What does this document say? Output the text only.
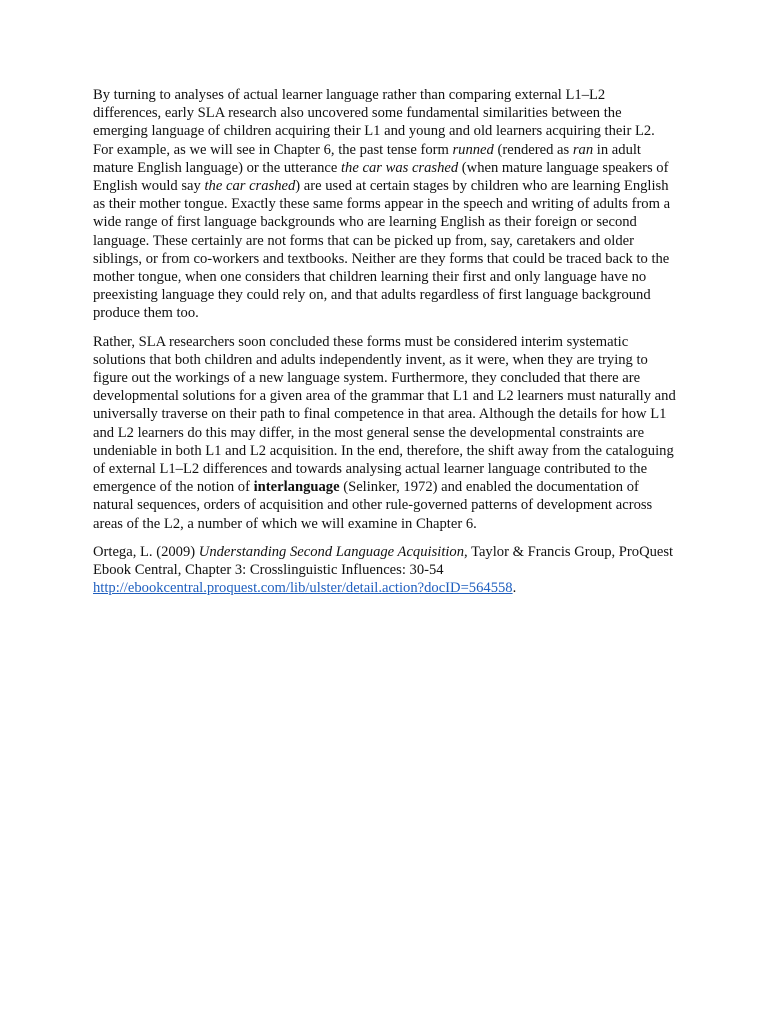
By turning to analyses of actual learner language rather than comparing external L1–L2 differences, early SLA research also uncovered some fundamental similarities between the emerging language of children acquiring their L1 and young and old learners acquiring their L2. For example, as we will see in Chapter 6, the past tense form runned (rendered as ran in adult mature English language) or the utterance the car was crashed (when mature language speakers of English would say the car crashed) are used at certain stages by children who are learning English as their mother tongue. Exactly these same forms appear in the speech and writing of adults from a wide range of first language backgrounds who are learning English as their foreign or second language. These certainly are not forms that can be picked up from, say, caretakers and older siblings, or from co-workers and textbooks. Neither are they forms that could be traced back to the mother tongue, when one considers that children learning their first and only language have no preexisting language they could rely on, and that adults regardless of first language background produce them too.

Rather, SLA researchers soon concluded these forms must be considered interim systematic solutions that both children and adults independently invent, as it were, when they are trying to figure out the workings of a new language system. Furthermore, they concluded that there are developmental solutions for a given area of the grammar that L1 and L2 learners must naturally and universally traverse on their path to final competence in that area. Although the details for how L1 and L2 learners do this may differ, in the most general sense the developmental constraints are undeniable in both L1 and L2 acquisition. In the end, therefore, the shift away from the cataloguing of external L1–L2 differences and towards analysing actual learner language contributed to the emergence of the notion of interlanguage (Selinker, 1972) and enabled the documentation of natural sequences, orders of acquisition and other rule-governed patterns of development across areas of the L2, a number of which we will examine in Chapter 6.

Ortega, L. (2009) Understanding Second Language Acquisition, Taylor & Francis Group, ProQuest Ebook Central, Chapter 3: Crosslinguistic Influences: 30-54 http://ebookcentral.proquest.com/lib/ulster/detail.action?docID=564558.
